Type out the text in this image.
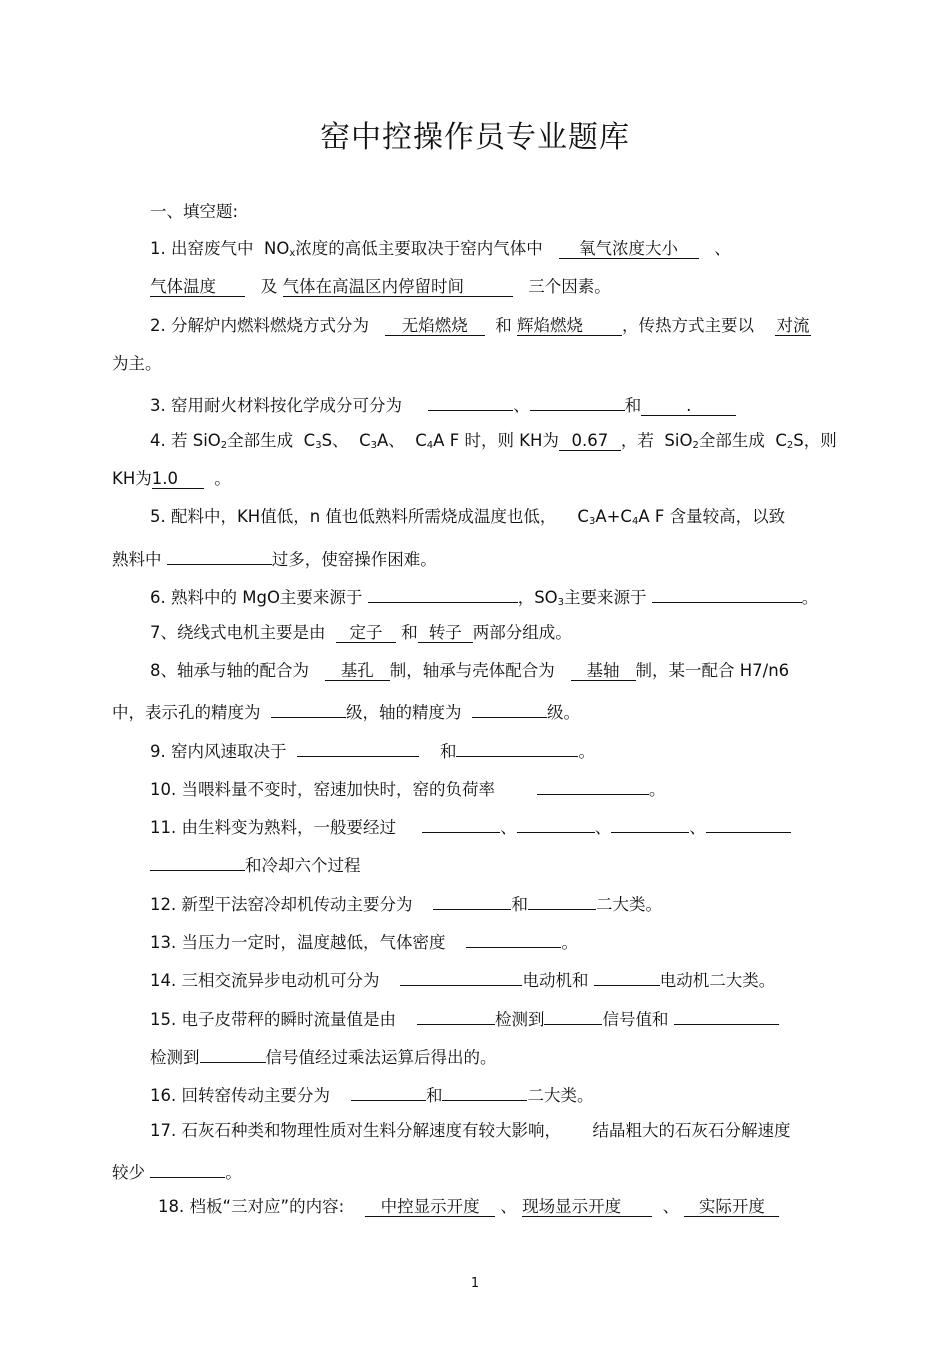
窑中控操作员专业题库
一、填空题:
1. 出窑废气中 $NO_x$浓度的高低主要取决于窑内气体中 氧气浓度大小 、
气体温度	及 气体在高温区内停留时间	三个因素。
2. 分解炉内燃料燃烧方式分为 无焰燃烧 和 辉焰燃烧 ，传热方式主要以 对流
为主。
3. 窑用耐火材料按化学成分可分为	、	和	.
4. 若 SiO$_2$全部生成 $C_3S$、 $C_3A$、 $C_4A$ F 时，则 KH为 0.67 ，若 SiO$_2$全部生成 $C_2S$，则
KH为1.0 。
5. 配料中，KH值低，n 值也低熟料所需烧成温度也低， $C_3A+C_4A$ F 含量较高，以致
熟料中	过多，使窑操作困难。
6. 熟料中的 MgO主要来源于	，$SO_3$主要来源于	。
7、绕线式电机主要是由 定子 和 转子 两部分组成。
8、轴承与轴的配合为 基孔 制，轴承与壳体配合为 基轴 制，某一配合 H7/n6
中，表示孔的精度为	级，轴的精度为	级。
9. 窑内风速取决于	和	。
10. 当喂料量不变时，窑速加快时，窑的负荷率	。
11. 由生料变为熟料，一般要经过	、	、	、
和冷却六个过程
12. 新型干法窑冷却机传动主要分为	和	二大类。
13. 当压力一定时，温度越低，气体密度	。
14. 三相交流异步电动机可分为	电动机和	电动机二大类。
15. 电子皮带秤的瞬时流量值是由	检测到	信号值和
检测到	信号值经过乘法运算后得出的。
16. 回转窑传动主要分为	和	二大类。
17. 石灰石种类和物理性质对生料分解速度有较大影响， 结晶粗大的石灰石分解速度
较少	。
18. 档板“三对应”的内容: 中控显示开度 、 现场显示开度	、 实际开度
1
